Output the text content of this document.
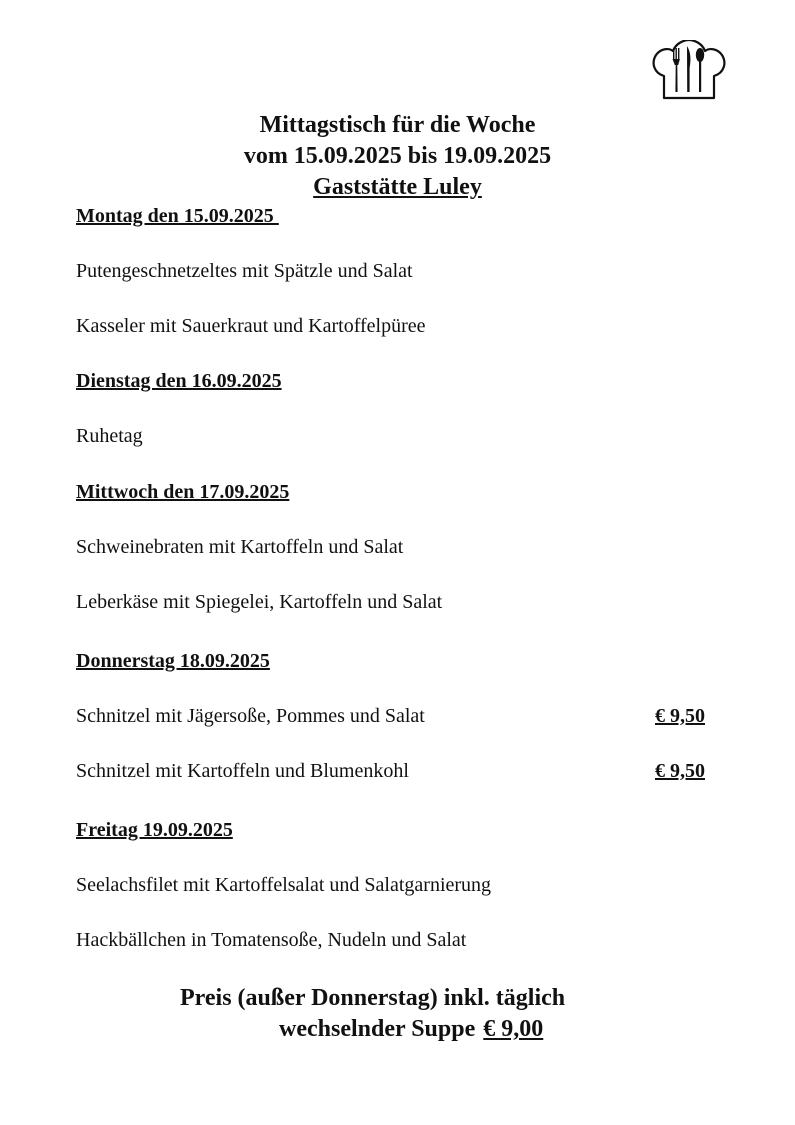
Mittagstisch für die Woche
vom 15.09.2025 bis 19.09.2025
Gaststätte Luley
Montag den 15.09.2025
Putengeschnetzeltes mit Spätzle und Salat
Kasseler mit Sauerkraut und Kartoffelpüree
Dienstag den 16.09.2025
Ruhetag
Mittwoch den 17.09.2025
Schweinebraten mit Kartoffeln und Salat
Leberkäse mit Spiegelei, Kartoffeln und Salat
Donnerstag 18.09.2025
Schnitzel mit Jägersoße, Pommes und Salat	€ 9,50
Schnitzel mit Kartoffeln und Blumenkohl	€ 9,50
Freitag 19.09.2025
Seelachsfilet mit Kartoffelsalat und Salatgarnierung
Hackbällchen in Tomatensoße, Nudeln und Salat
Preis (außer Donnerstag) inkl. täglich
wechselnder Suppe € 9,00
